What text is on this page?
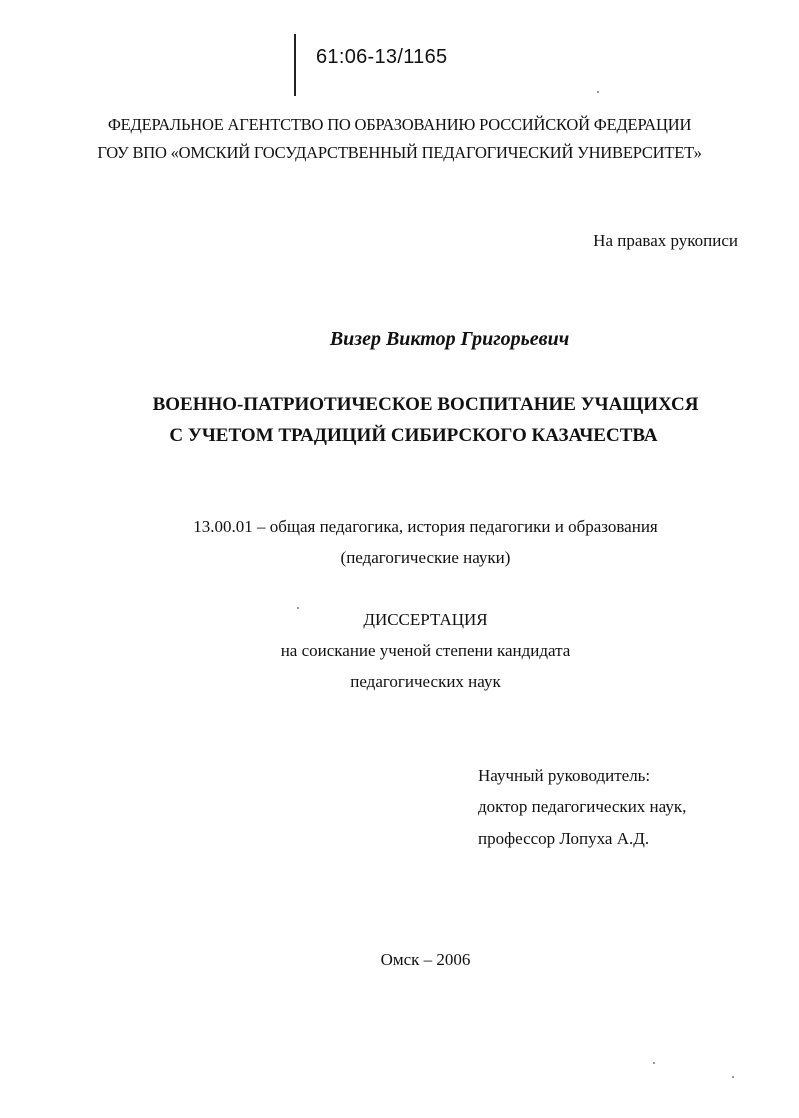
61:06-13/1165
ФЕДЕРАЛЬНОЕ АГЕНТСТВО ПО ОБРАЗОВАНИЮ РОССИЙСКОЙ ФЕДЕРАЦИИ
ГОУ ВПО «ОМСКИЙ ГОСУДАРСТВЕННЫЙ ПЕДАГОГИЧЕСКИЙ УНИВЕРСИТЕТ»
На правах рукописи
Визер Виктор Григорьевич
ВОЕННО-ПАТРИОТИЧЕСКОЕ ВОСПИТАНИЕ УЧАЩИХСЯ
С УЧЕТОМ ТРАДИЦИЙ СИБИРСКОГО КАЗАЧЕСТВА
13.00.01 – общая педагогика, история педагогики и образования
(педагогические науки)
ДИССЕРТАЦИЯ
на соискание ученой степени кандидата
педагогических наук
Научный руководитель:
доктор педагогических наук,
профессор Лопуха А.Д.
Омск – 2006
